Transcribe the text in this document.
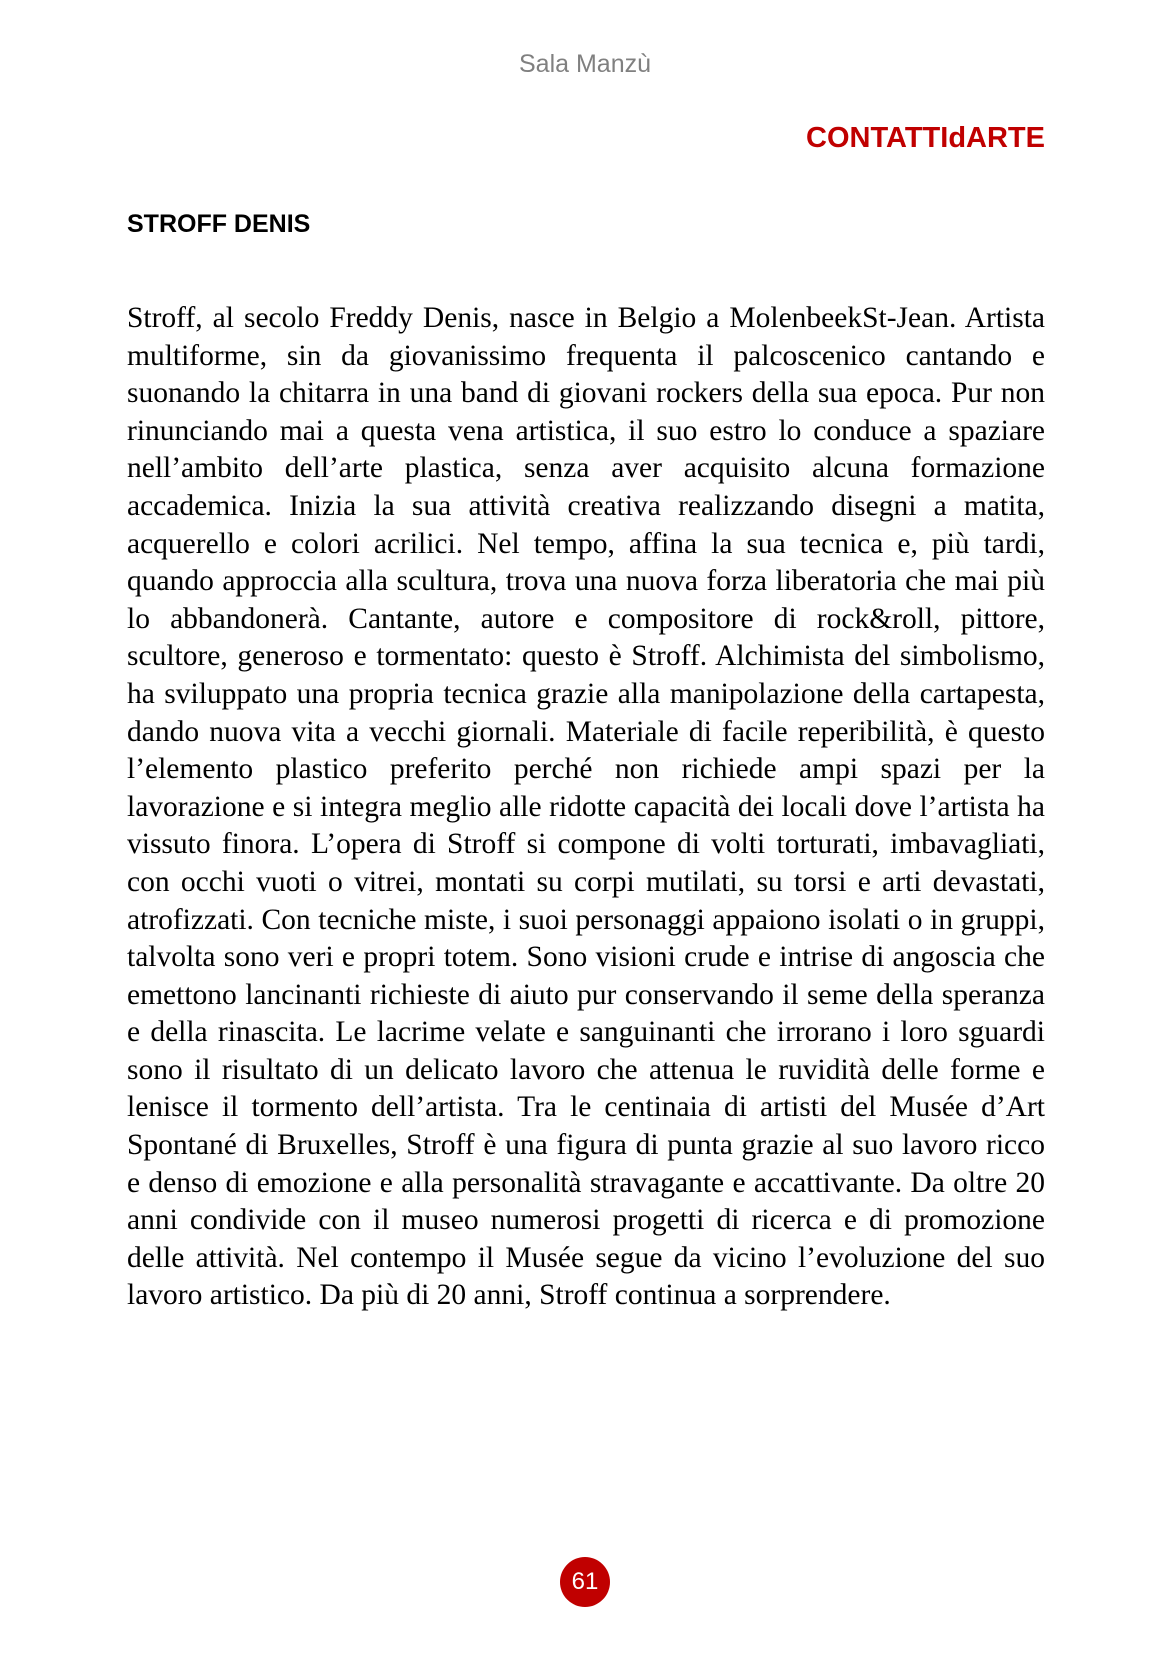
Sala Manzù
CONTATTIdARTE
STROFF DENIS

Stroff, al secolo Freddy Denis, nasce in Belgio a MolenbeekSt-Jean. Artista multiforme, sin da giovanissimo frequenta il palcoscenico cantando e suonando la chitarra in una band di giovani rockers della sua epoca. Pur non rinunciando mai a questa vena artistica, il suo estro lo conduce a spaziare nell’ambito dell’arte plastica, senza aver acquisito alcuna formazione accademica. Inizia la sua attività creativa realizzando disegni a matita, acquerello e colori acrilici. Nel tempo, affina la sua tecnica e, più tardi, quando approccia alla scultura, trova una nuova forza liberatoria che mai più lo abbandonerà. Cantante, autore e compositore di rock&roll, pittore, scultore, generoso e tormentato: questo è Stroff. Alchimista del simbolismo, ha sviluppato una propria tecnica grazie alla manipolazione della cartapesta, dando nuova vita a vecchi giornali. Materiale di facile reperibilità, è questo l’elemento plastico preferito perché non richiede ampi spazi per la lavorazione e si integra meglio alle ridotte capacità dei locali dove l’artista ha vissuto finora. L’opera di Stroff si compone di volti torturati, imbavagliati, con occhi vuoti o vitrei, montati su corpi mutilati, su torsi e arti devastati, atrofizzati. Con tecniche miste, i suoi personaggi appaiono isolati o in gruppi, talvolta sono veri e propri totem. Sono visioni crude e intrise di angoscia che emettono lancinanti richieste di aiuto pur conservando il seme della speranza e della rinascita. Le lacrime velate e sanguinanti che irrorano i loro sguardi sono il risultato di un delicato lavoro che attenua le ruvidità delle forme e lenisce il tormento dell’artista. Tra le centinaia di artisti del Musée d’Art Spontané di Bruxelles, Stroff è una figura di punta grazie al suo lavoro ricco e denso di emozione e alla personalità stravagante e accattivante. Da oltre 20 anni condivide con il museo numerosi progetti di ricerca e di promozione delle attività. Nel contempo il Musée segue da vicino l’evoluzione del suo lavoro artistico. Da più di 20 anni, Stroff continua a sorprendere.

61
